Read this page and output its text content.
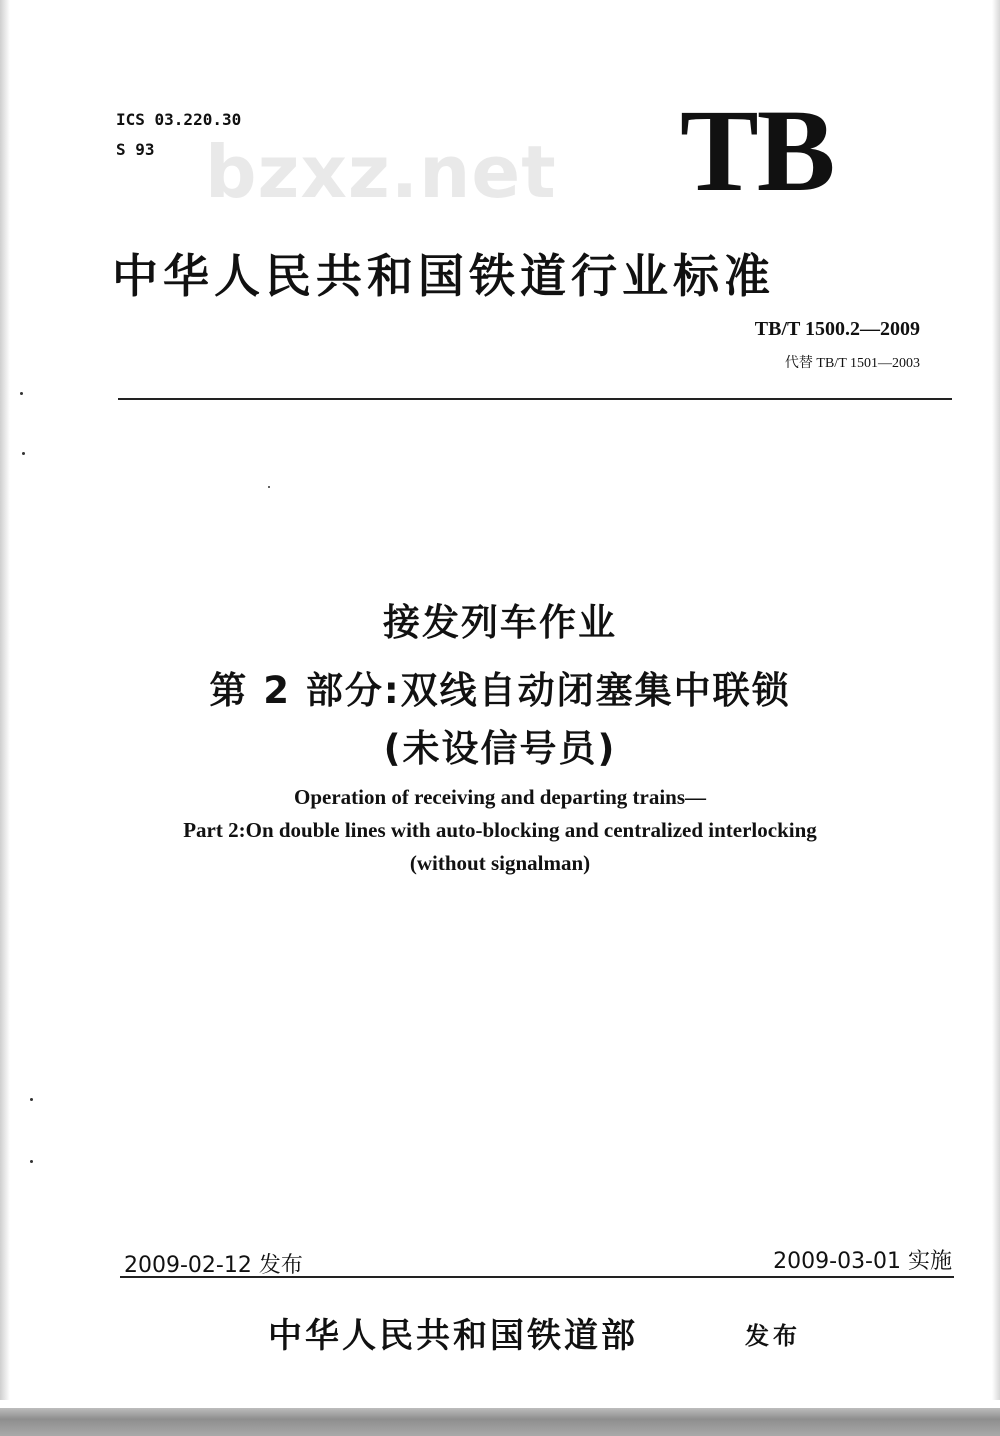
ICS 03.220.30
S 93 bzxz.net TB
中华人民共和国铁道行业标准
TB/T 1500.2—2009
代替 TB/T 1501—2003
接发列车作业
第 2 部分:双线自动闭塞集中联锁
(未设信号员)
Operation of receiving and departing trains—
Part 2:On double lines with auto-blocking and centralized interlocking
(without signalman)
2009-02-12 发布	2009-03-01 实施
中华人民共和国铁道部	发布
